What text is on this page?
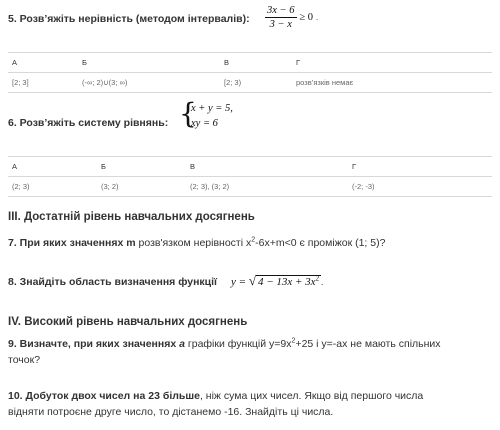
5. Розв’яжіть нерівність (методом інтервалів): $\frac{3x - 6}{3 - x} \ge 0$ .
А	Б	В	Г
[2; 3]	(-∞; 2)∪(3; ∞)	[2; 3)	розв’язків немає
6. Розв’яжіть систему рівнянь: {
x + y = 5,
xy = 6
А	Б	В	Г
(2; 3)	(3; 2)	(2; 3), (3; 2)	(-2; -3)
ІІІ. Достатній рівень навчальних досягнень
7. При яких значеннях m розв'язком нерівності $x^2-6x+m<0$ є проміжок (1; 5)?
8. Знайдіть область визначення функції y = √ $4 - 13x + 3x^2$ .
ІV. Високий рівень навчальних досягнень
9. Визначте, при яких значеннях а графіки функцій $y=9x^2+25$ і y=-ax не мають спільних
точок?
10. Добуток двох чисел на 23 більше, ніж сума цих чисел. Якщо від першого числа
відняти потроєне друге число, то дістанемо -16. Знайдіть ці числа.
